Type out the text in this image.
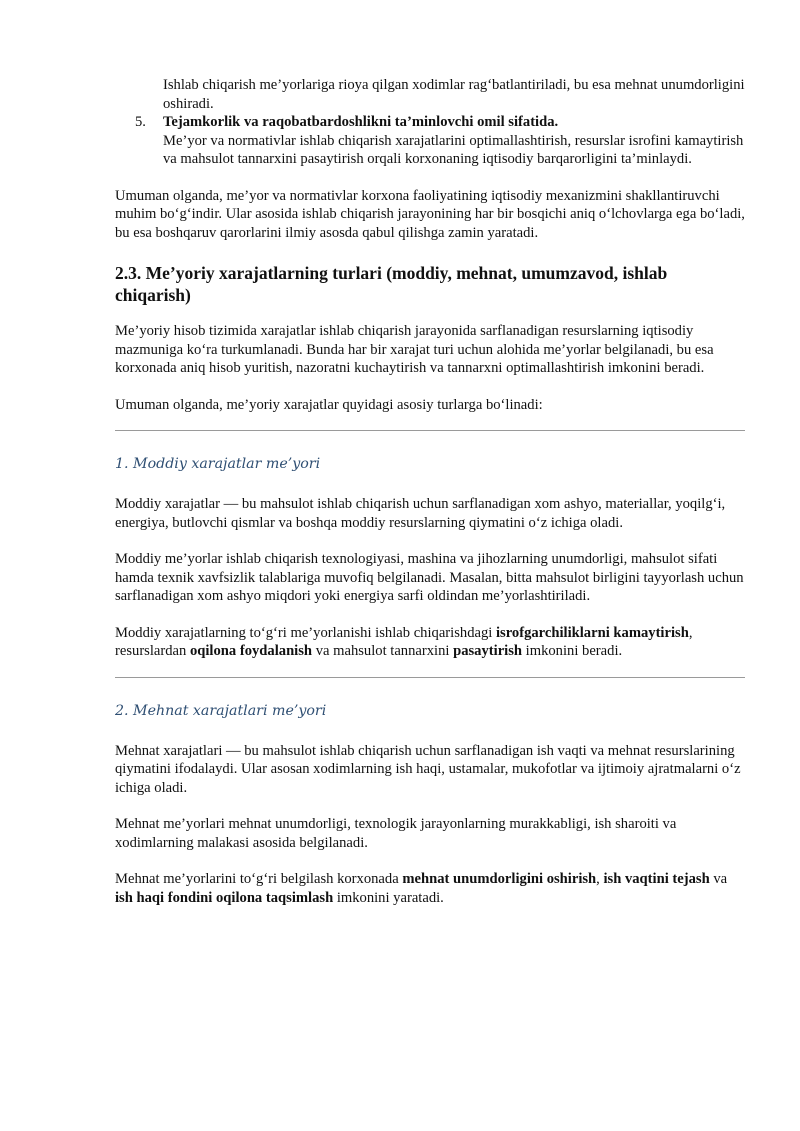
Ishlab chiqarish me’yorlariga rioya qilgan xodimlar rag‘batlantiriladi, bu esa mehnat unumdorligini oshiradi.

5. Tejamkorlik va raqobatbardoshlikni ta’minlovchi omil sifatida.

Me’yor va normativlar ishlab chiqarish xarajatlarini optimallashtirish, resurslar isrofini kamaytirish va mahsulot tannarxini pasaytirish orqali korxonaning iqtisodiy barqarorligini ta’minlaydi.

Umuman olganda, me’yor va normativlar korxona faoliyatining iqtisodiy mexanizmini shakllantiruvchi muhim bo‘g‘indir. Ular asosida ishlab chiqarish jarayonining har bir bosqichi aniq o‘lchovlarga ega bo‘ladi, bu esa boshqaruv qarorlarini ilmiy asosda qabul qilishga zamin yaratadi.

2.3. Me’yoriy xarajatlarning turlari (moddiy, mehnat, umumzavod, ishlab chiqarish)

Me’yoriy hisob tizimida xarajatlar ishlab chiqarish jarayonida sarflanadigan resurslarning iqtisodiy mazmuniga ko‘ra turkumlanadi. Bunda har bir xarajat turi uchun alohida me’yorlar belgilanadi, bu esa korxonada aniq hisob yuritish, nazoratni kuchaytirish va tannarxni optimallashtirish imkonini beradi.

Umuman olganda, me’yoriy xarajatlar quyidagi asosiy turlarga bo‘linadi:

1. Moddiy xarajatlar me’yori

Moddiy xarajatlar — bu mahsulot ishlab chiqarish uchun sarflanadigan xom ashyo, materiallar, yoqilg‘i, energiya, butlovchi qismlar va boshqa moddiy resurslarning qiymatini o‘z ichiga oladi.

Moddiy me’yorlar ishlab chiqarish texnologiyasi, mashina va jihozlarning unumdorligi, mahsulot sifati hamda texnik xavfsizlik talablariga muvofiq belgilanadi. Masalan, bitta mahsulot birligini tayyorlash uchun sarflanadigan xom ashyo miqdori yoki energiya sarfi oldindan me’yorlashtiriladi.

Moddiy xarajatlarning to‘g‘ri me’yorlanishi ishlab chiqarishdagi isrofgarchiliklarni kamaytirish, resurslardan oqilona foydalanish va mahsulot tannarxini pasaytirish imkonini beradi.

2. Mehnat xarajatlari me’yori

Mehnat xarajatlari — bu mahsulot ishlab chiqarish uchun sarflanadigan ish vaqti va mehnat resurslarining qiymatini ifodalaydi. Ular asosan xodimlarning ish haqi, ustamalar, mukofotlar va ijtimoiy ajratmalarni o‘z ichiga oladi.

Mehnat me’yorlari mehnat unumdorligi, texnologik jarayonlarning murakkabligi, ish sharoiti va xodimlarning malakasi asosida belgilanadi.

Mehnat me’yorlarini to‘g‘ri belgilash korxonada mehnat unumdorligini oshirish, ish vaqtini tejash va ish haqi fondini oqilona taqsimlash imkonini yaratadi.
